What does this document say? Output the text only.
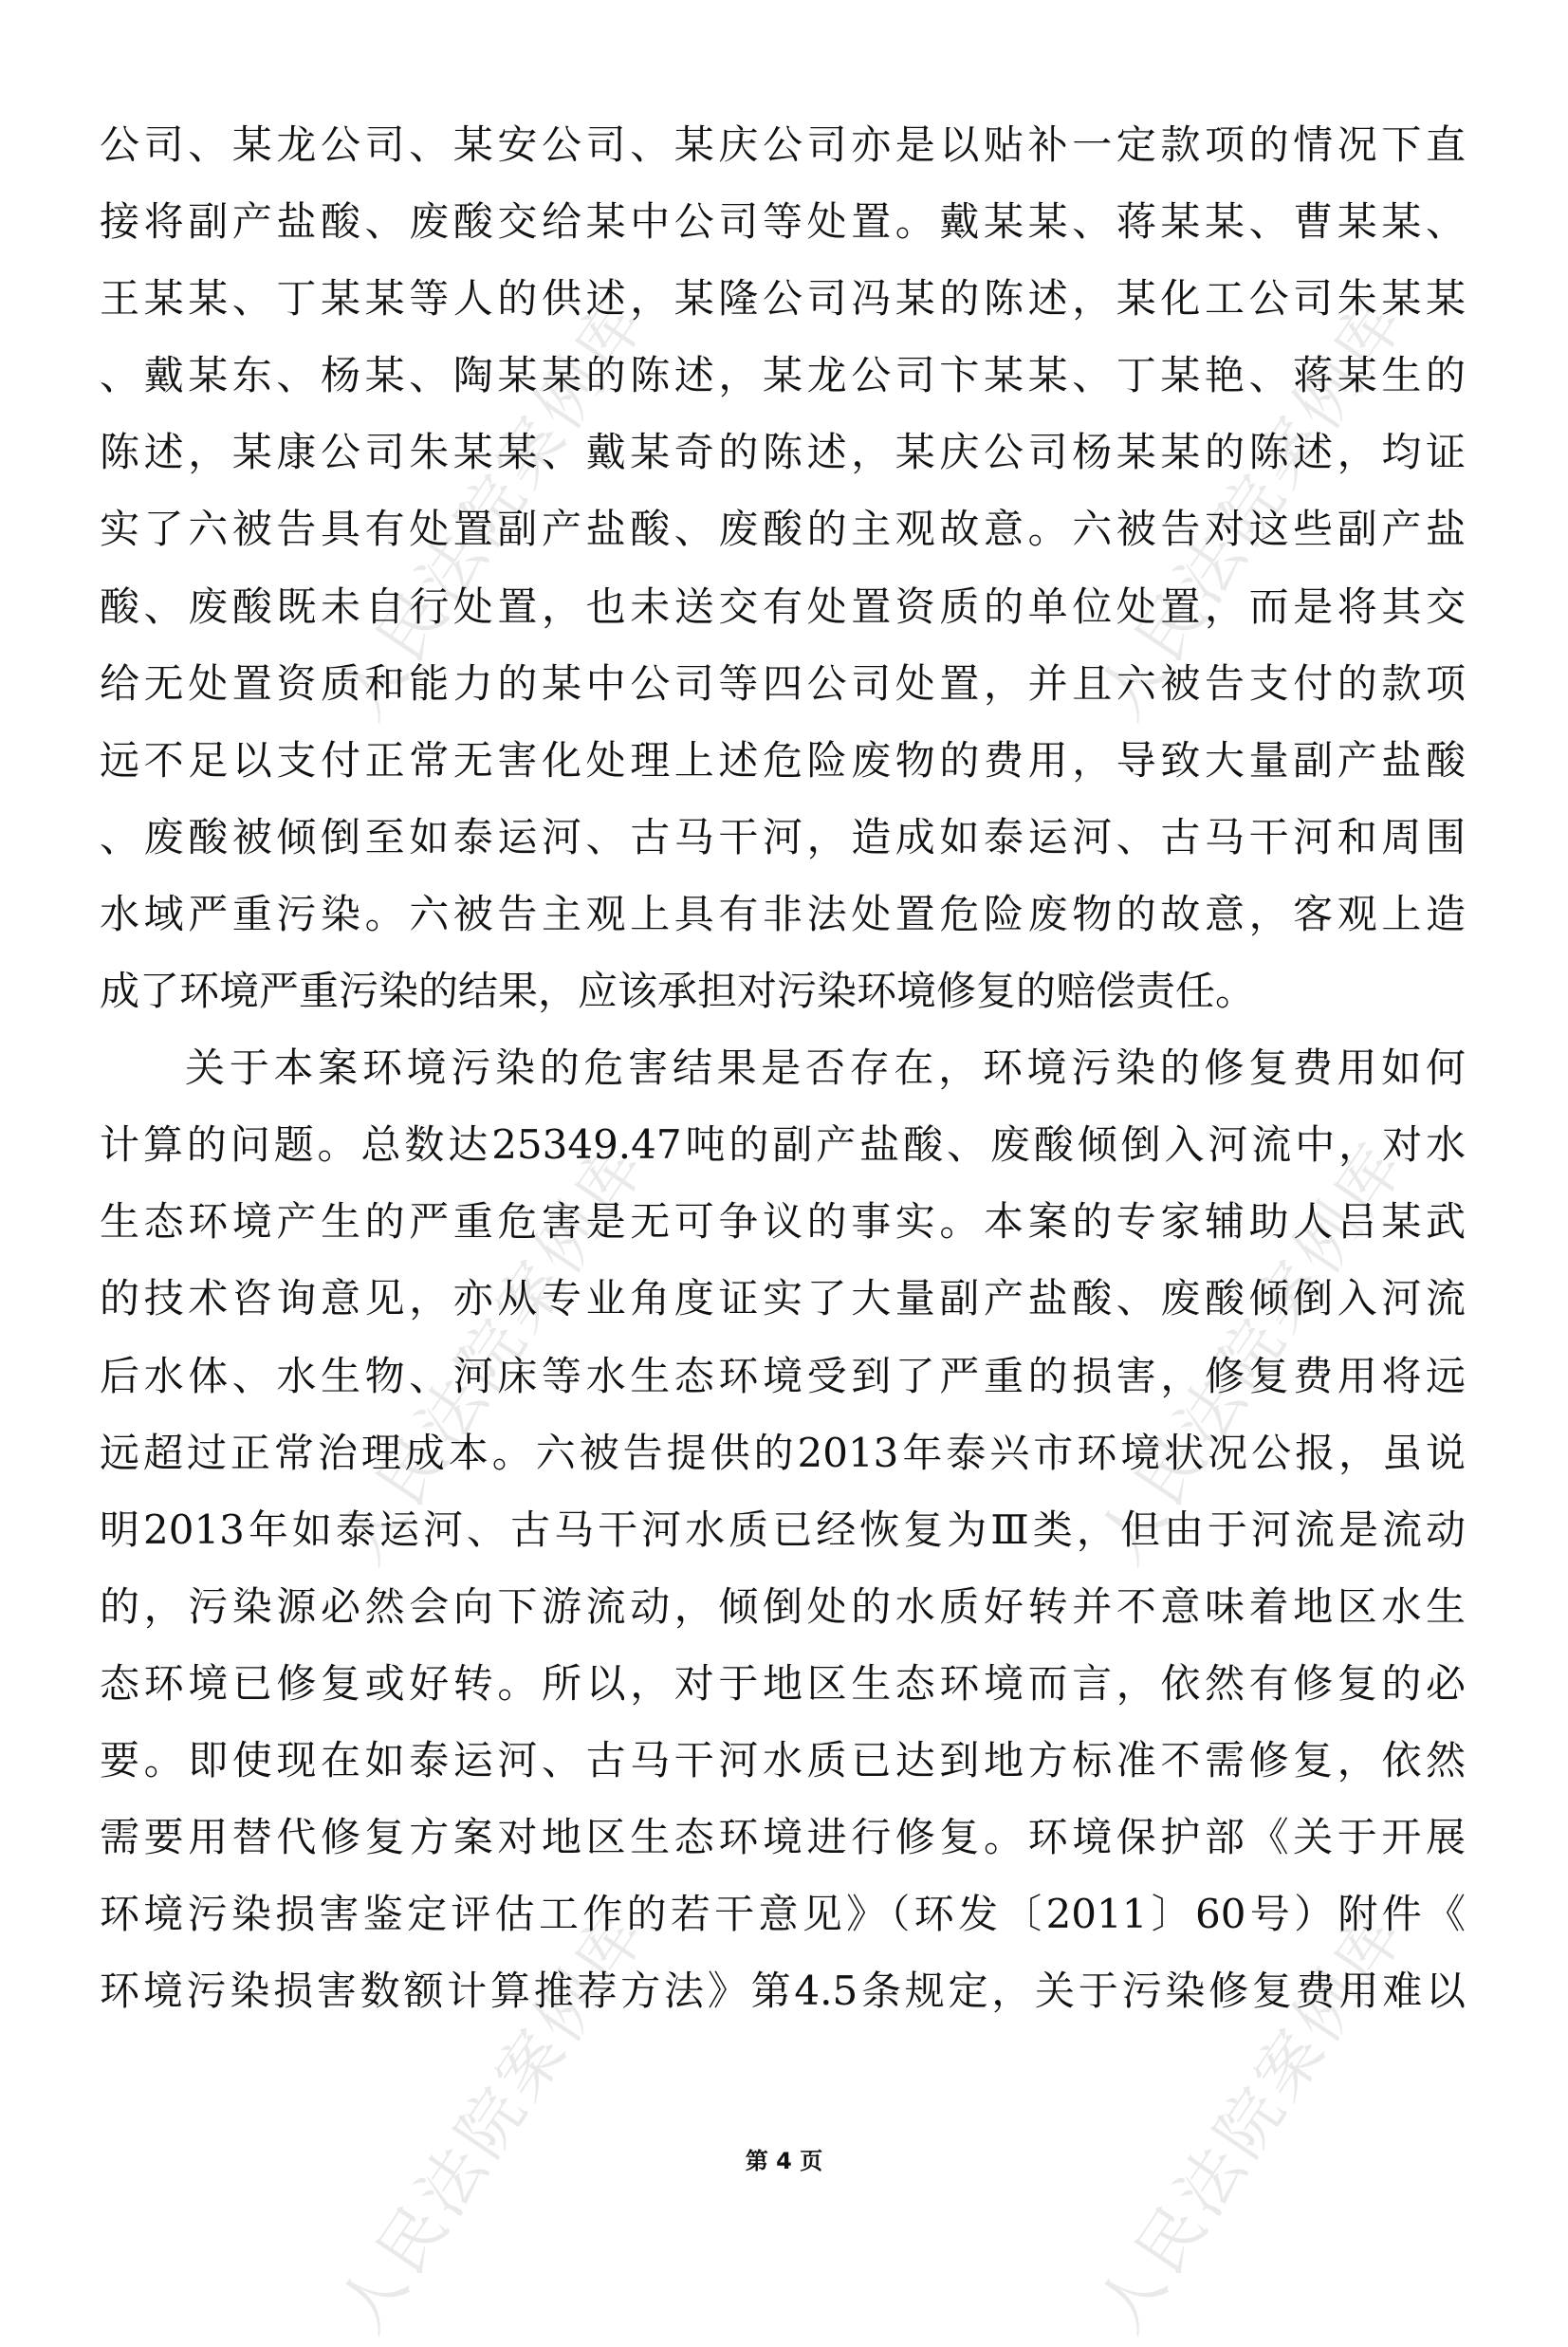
人民法院案例库	人民法院案例库
人民法院案例库	人民法院案例库
人民法院案例库	人民法院案例库
公司、某龙公司、某安公司、某庆公司亦是以贴补一定款项的情况下直
接将副产盐酸、废酸交给某中公司等处置。戴某某、蒋某某、曹某某、
王某某、丁某某等人的供述，某隆公司冯某的陈述，某化工公司朱某某
、戴某东、杨某、陶某某的陈述，某龙公司卞某某、丁某艳、蒋某生的
陈述，某康公司朱某某、戴某奇的陈述，某庆公司杨某某的陈述，均证
实了六被告具有处置副产盐酸、废酸的主观故意。六被告对这些副产盐
酸、废酸既未自行处置，也未送交有处置资质的单位处置，而是将其交
给无处置资质和能力的某中公司等四公司处置，并且六被告支付的款项
远不足以支付正常无害化处理上述危险废物的费用，导致大量副产盐酸
、废酸被倾倒至如泰运河、古马干河，造成如泰运河、古马干河和周围
水域严重污染。六被告主观上具有非法处置危险废物的故意，客观上造
成了环境严重污染的结果，应该承担对污染环境修复的赔偿责任。
关于本案环境污染的危害结果是否存在，环境污染的修复费用如何
计算的问题。总数达25349.47吨的副产盐酸、废酸倾倒入河流中，对水
生态环境产生的严重危害是无可争议的事实。本案的专家辅助人吕某武
的技术咨询意见，亦从专业角度证实了大量副产盐酸、废酸倾倒入河流
后水体、水生物、河床等水生态环境受到了严重的损害，修复费用将远
远超过正常治理成本。六被告提供的2013年泰兴市环境状况公报，虽说
明2013年如泰运河、古马干河水质已经恢复为Ⅲ类，但由于河流是流动
的，污染源必然会向下游流动，倾倒处的水质好转并不意味着地区水生
态环境已修复或好转。所以，对于地区生态环境而言，依然有修复的必
要。即使现在如泰运河、古马干河水质已达到地方标准不需修复，依然
需要用替代修复方案对地区生态环境进行修复。环境保护部《关于开展
环境污染损害鉴定评估工作的若干意见》（环发〔2011〕60号）附件《
环境污染损害数额计算推荐方法》第4.5条规定，关于污染修复费用难以
第 4 页
